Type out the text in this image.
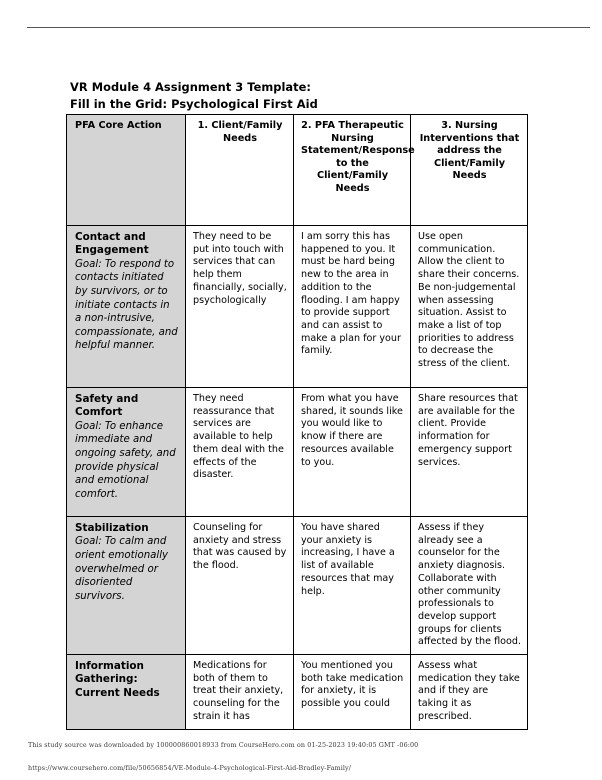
VR Module 4 Assignment 3 Template:
Fill in the Grid: Psychological First Aid
PFA Core Action	1. Client/Family Needs	2. PFA Therapeutic Nursing Statement/Response to the Client/Family Needs	3. Nursing Interventions that address the Client/Family Needs

Contact and Engagement
Goal: To respond to contacts initiated by survivors, or to initiate contacts in a non-intrusive, compassionate, and helpful manner.	They need to be put into touch with services that can help them financially, socially, psychologically	I am sorry this has happened to you. It must be hard being new to the area in addition to the flooding. I am happy to provide support and can assist to make a plan for your family.	Use open communication. Allow the client to share their concerns. Be non-judgemental when assessing situation. Assist to make a list of top priorities to address to decrease the stress of the client.

Safety and Comfort
Goal: To enhance immediate and ongoing safety, and provide physical and emotional comfort.	They need reassurance that services are available to help them deal with the effects of the disaster.	From what you have shared, it sounds like you would like to know if there are resources available to you.	Share resources that are available for the client. Provide information for emergency support services.

Stabilization
Goal: To calm and orient emotionally overwhelmed or disoriented survivors.	Counseling for anxiety and stress that was caused by the flood.	You have shared your anxiety is increasing, I have a list of available resources that may help.	Assess if they already see a counselor for the anxiety diagnosis. Collaborate with other community professionals to develop support groups for clients affected by the flood.

Information Gathering: Current Needs	Medications for both of them to treat their anxiety, counseling for the strain it has	You mentioned you both take medication for anxiety, it is possible you could	Assess what medication they take and if they are taking it as prescribed.
This study source was downloaded by 100000860018933 from CourseHero.com on 01-25-2023 19:40:05 GMT -06:00
https://www.coursehero.com/file/50656854/VE-Module-4-Psychological-First-Aid-Bradley-Family/
